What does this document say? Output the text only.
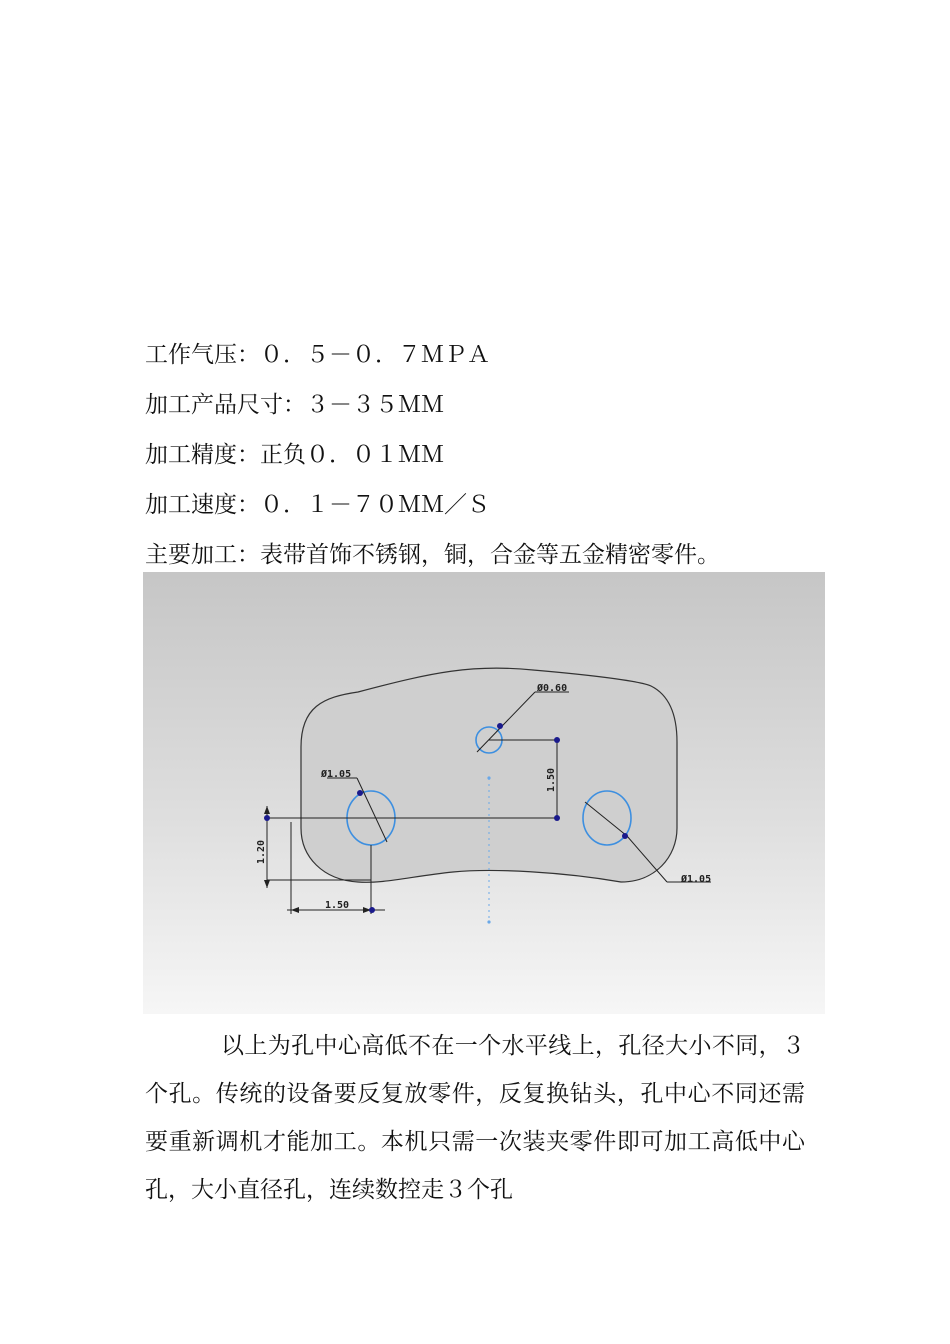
工作气压：０．５－０．７ＭＰＡ
加工产品尺寸：３－３５ＭＭ
加工精度：正负０．０１ＭＭ
加工速度：０．１－７０ＭＭ／Ｓ
主要加工：表带首饰不锈钢，铜，合金等五金精密零件。
Ø0.60
Ø1.05
Ø1.05
1.50
1.20
1.50
以上为孔中心高低不在一个水平线上，孔径大小不同，３个孔。传统的设备要反复放零件，反复换钻头，孔中心不同还需要重新调机才能加工。本机只需一次装夹零件即可加工高低中心孔，大小直径孔，连续数控走３个孔
